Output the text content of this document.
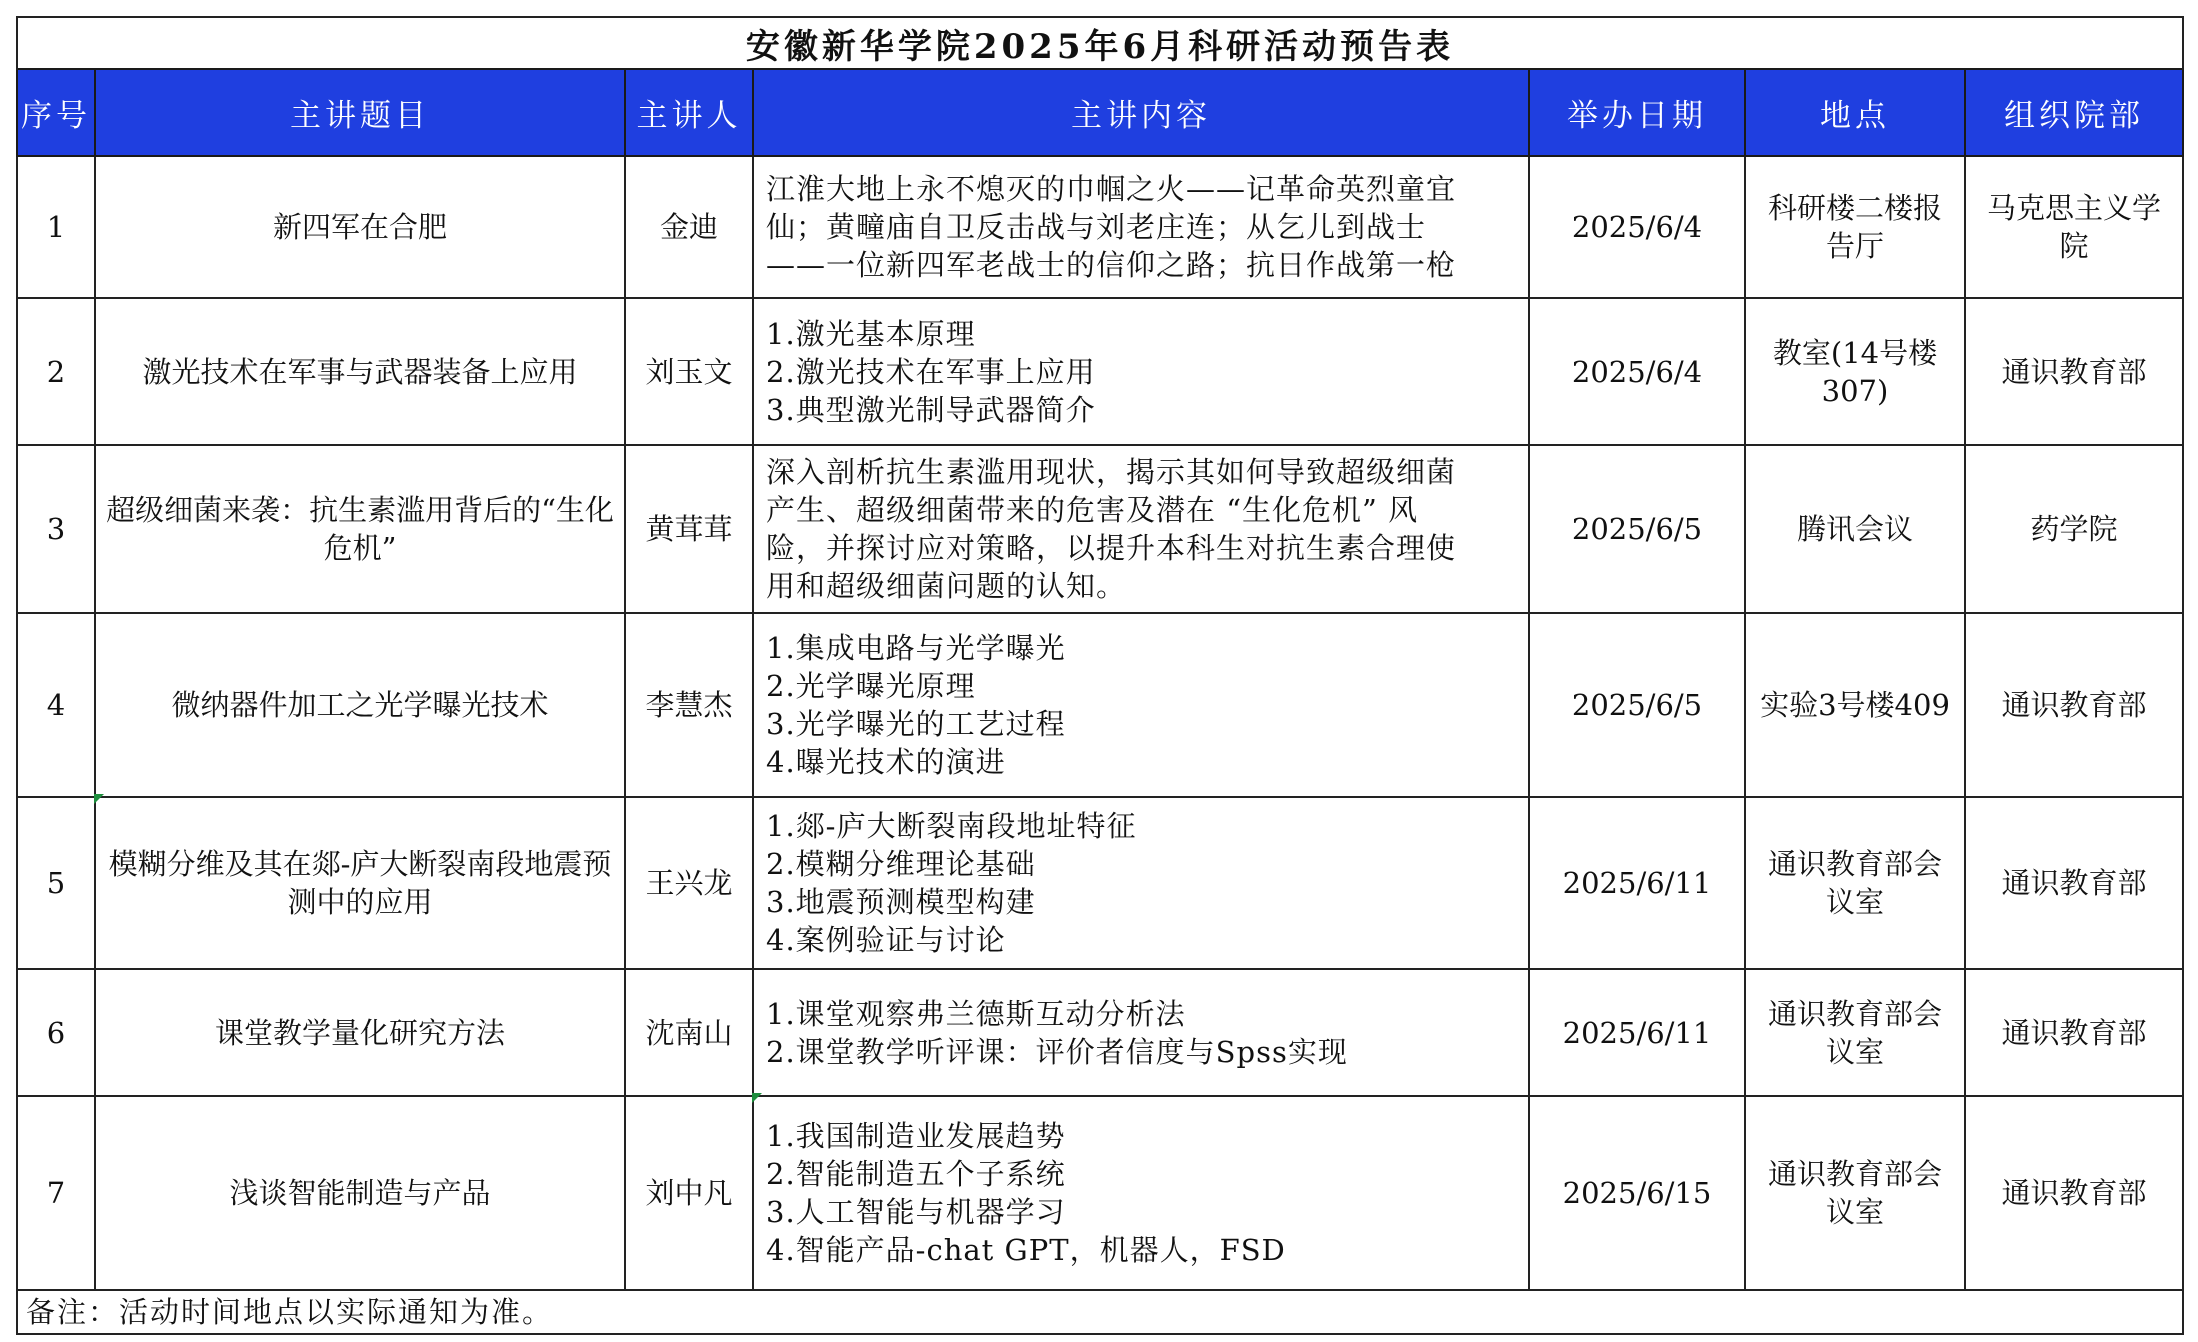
安徽新华学院2025年6月科研活动预告表						
序号	主讲题目	主讲人	主讲内容	举办日期	地点	组织院部
1	新四军在合肥	金迪	江淮大地上永不熄灭的巾帼之火——记革命英烈童宜
仙；黄疃庙自卫反击战与刘老庄连；从乞儿到战士
——一位新四军老战士的信仰之路；抗日作战第一枪	2025/6/4	科研楼二楼报告厅	马克思主义学院
2	激光技术在军事与武器装备上应用	刘玉文	1.激光基本原理
2.激光技术在军事上应用
3.典型激光制导武器简介	2025/6/4	教室(14号楼307)	通识教育部
3	超级细菌来袭：抗生素滥用背后的“生化危机”	黄茸茸	深入剖析抗生素滥用现状，揭示其如何导致超级细菌
产生、超级细菌带来的危害及潜在 “生化危机” 风
险，并探讨应对策略，以提升本科生对抗生素合理使
用和超级细菌问题的认知。	2025/6/5	腾讯会议	药学院
4	微纳器件加工之光学曝光技术	李慧杰	1.集成电路与光学曝光
2.光学曝光原理
3.光学曝光的工艺过程
4.曝光技术的演进	2025/6/5	实验3号楼409	通识教育部
5	模糊分维及其在郯-庐大断裂南段地震预测中的应用	王兴龙	1.郯-庐大断裂南段地址特征
2.模糊分维理论基础
3.地震预测模型构建
4.案例验证与讨论	2025/6/11	通识教育部会议室	通识教育部
6	课堂教学量化研究方法	沈南山	1.课堂观察弗兰德斯互动分析法
2.课堂教学听评课：评价者信度与Spss实现	2025/6/11	通识教育部会议室	通识教育部
7	浅谈智能制造与产品	刘中凡	1.我国制造业发展趋势
2.智能制造五个子系统
3.人工智能与机器学习
4.智能产品-chat GPT，机器人，FSD	2025/6/15	通识教育部会议室	通识教育部
备注：活动时间地点以实际通知为准。						
